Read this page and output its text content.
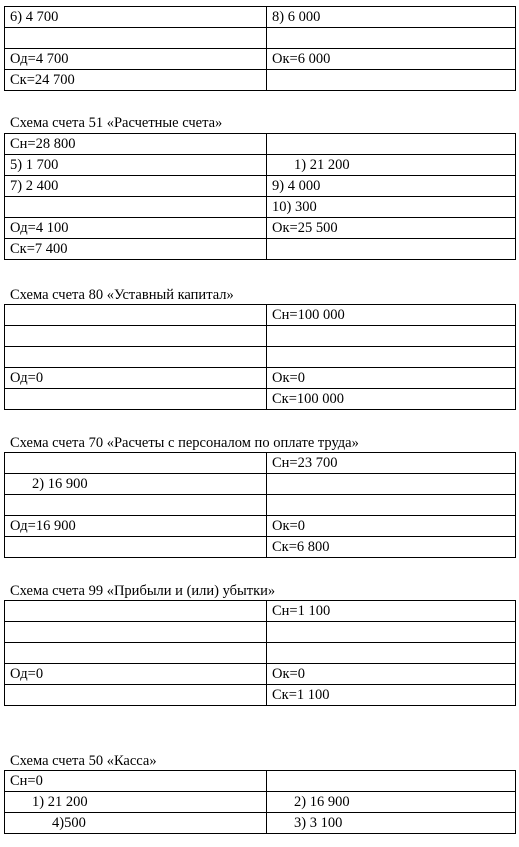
6) 4 700	8) 6 000

Од=4 700	Ок=6 000
Ск=24 700	
Схема счета 51 «Расчетные счета»
Сн=28 800	
5) 1 700	1) 21 200
7) 2 400	9) 4 000
	10) 300
Од=4 100	Ок=25 500
Ск=7 400	
Схема счета 80 «Уставный капитал»
	Сн=100 000

Од=0	Ок=0
	Ск=100 000
Схема счета 70 «Расчеты с персоналом по оплате труда»
	Сн=23 700
2) 16 900	

Од=16 900	Ок=0
	Ск=6 800
Схема счета 99 «Прибыли и (или) убытки»
	Сн=1 100

Од=0	Ок=0
	Ск=1 100
Схема счета 50 «Касса»
Сн=0	
1) 21 200	2) 16 900
4)500	3) 3 100
